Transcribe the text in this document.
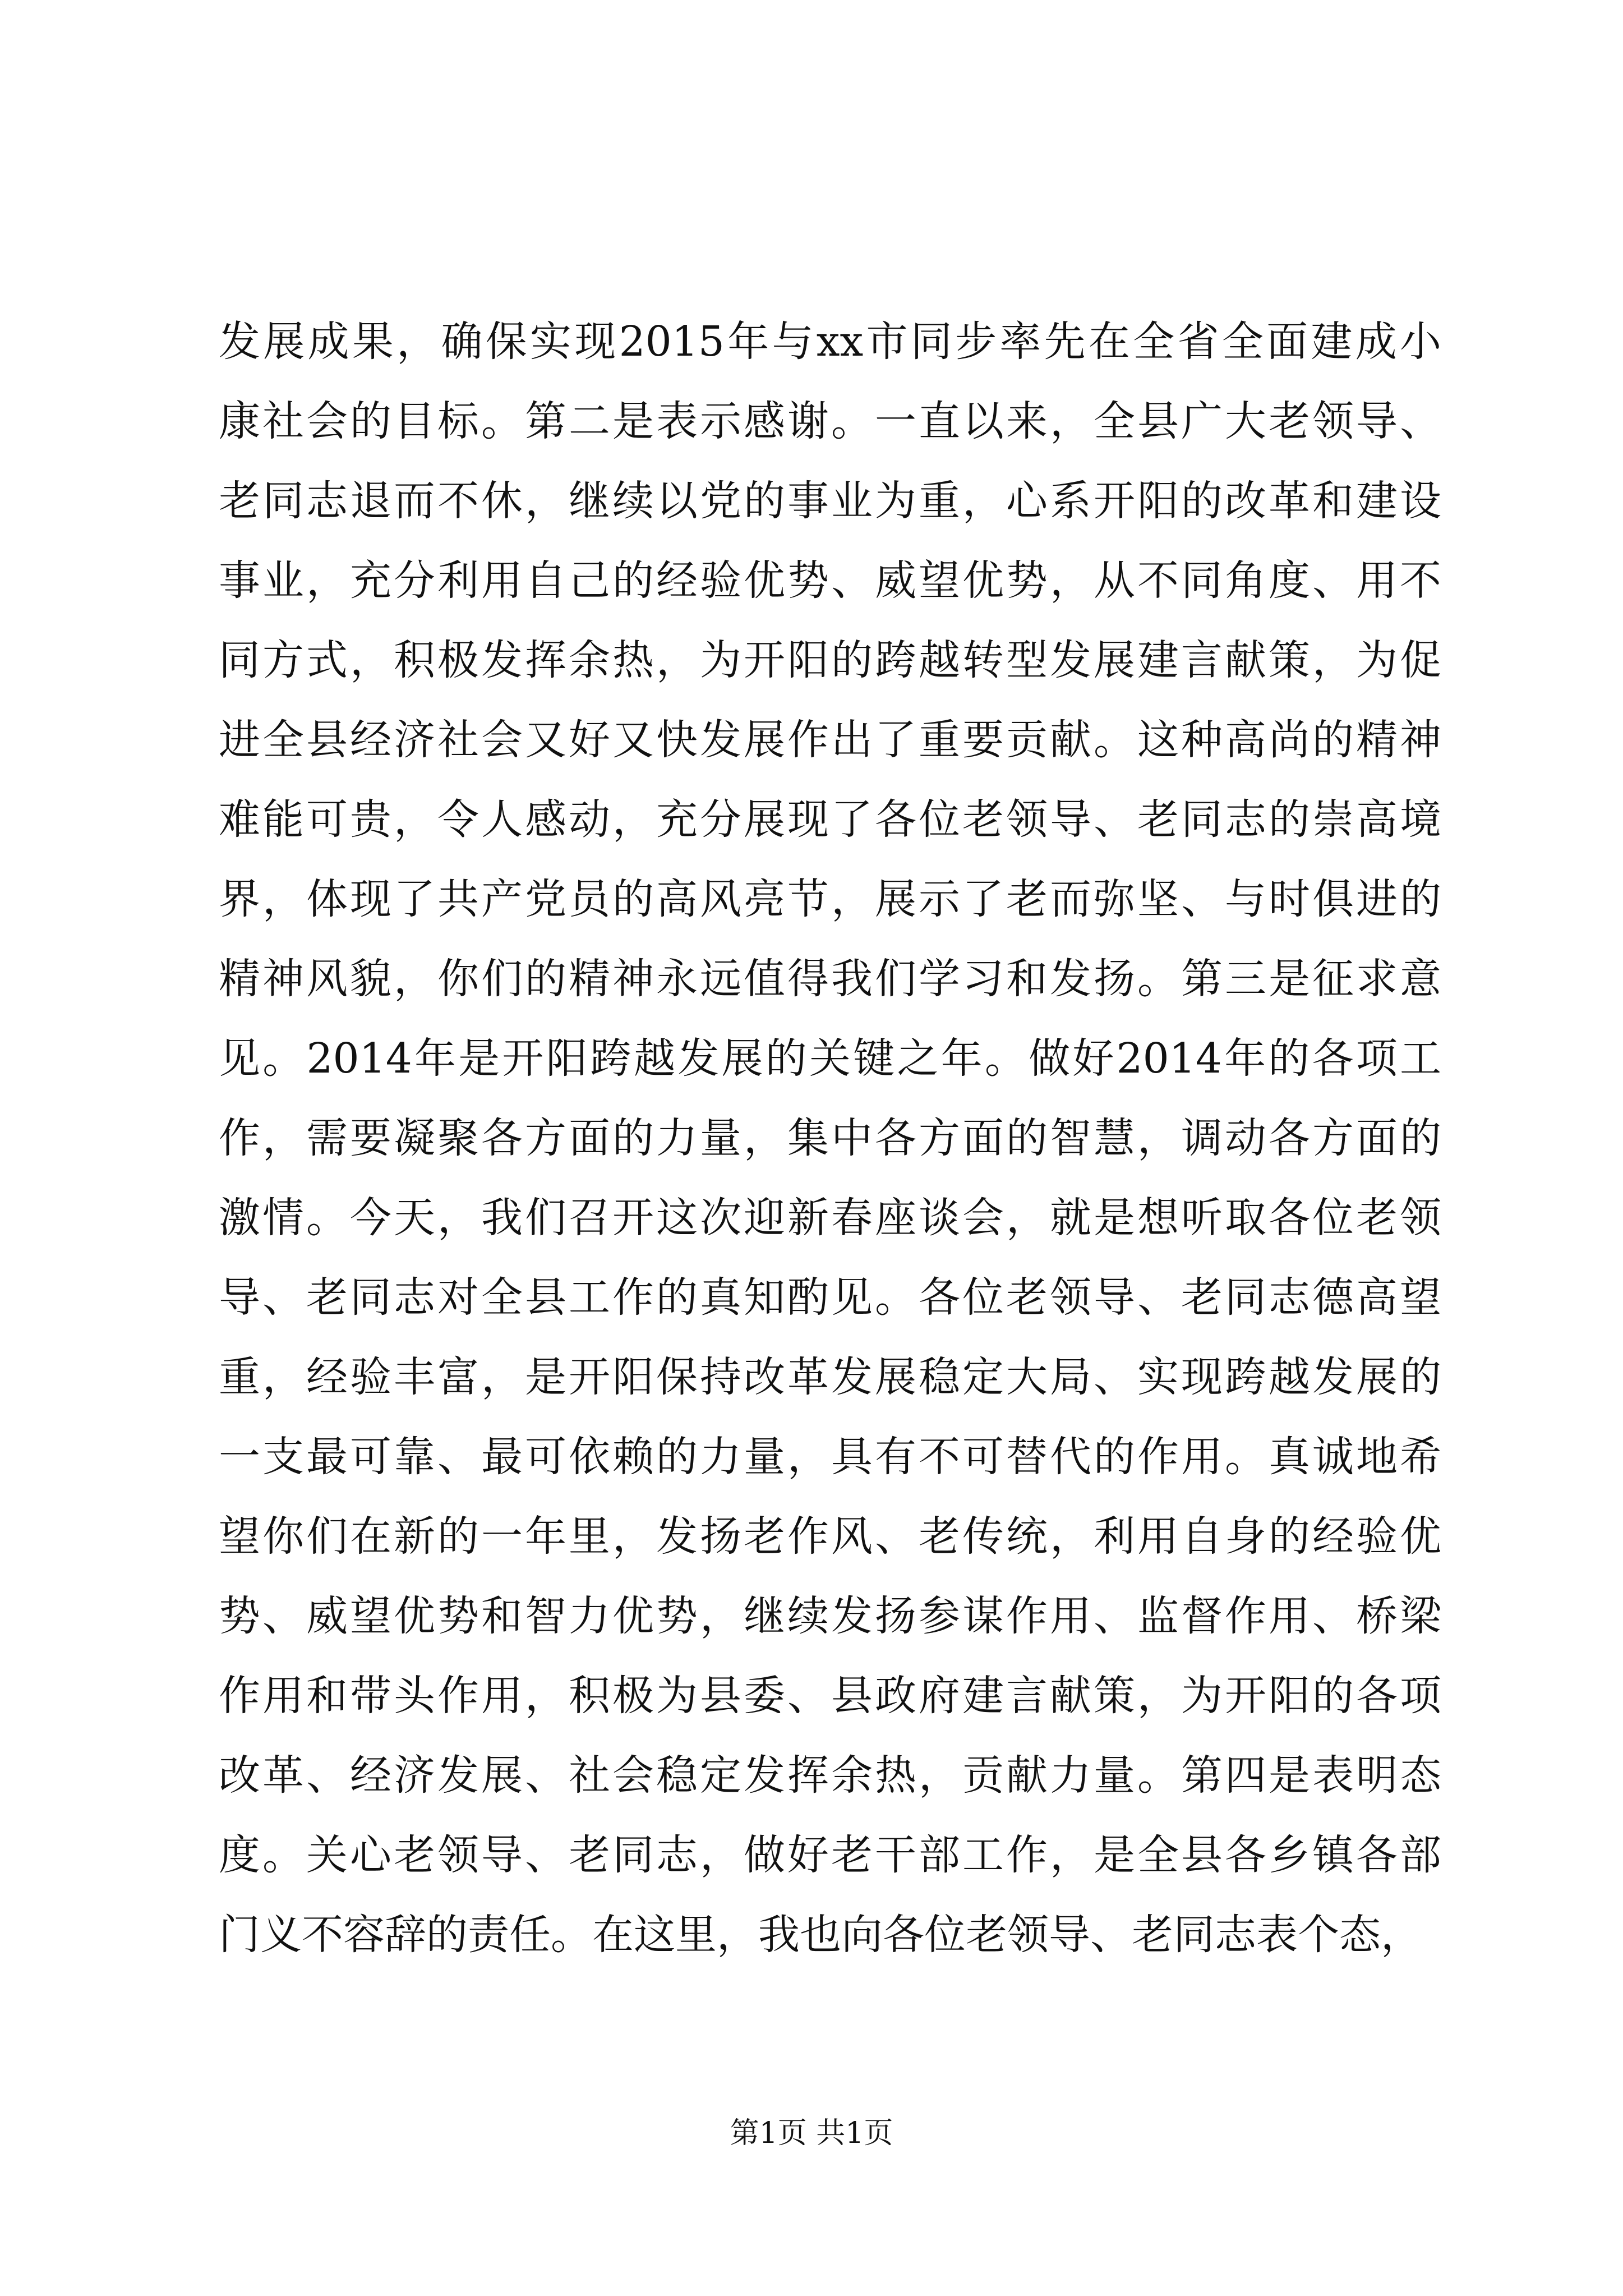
发展成果，确保实现2015年与xx市同步率先在全省全面建成小
康社会的目标。第二是表示感谢。一直以来，全县广大老领导、
老同志退而不休，继续以党的事业为重，心系开阳的改革和建设
事业，充分利用自己的经验优势、威望优势，从不同角度、用不
同方式，积极发挥余热，为开阳的跨越转型发展建言献策，为促
进全县经济社会又好又快发展作出了重要贡献。这种高尚的精神
难能可贵，令人感动，充分展现了各位老领导、老同志的崇高境
界，体现了共产党员的高风亮节，展示了老而弥坚、与时俱进的
精神风貌，你们的精神永远值得我们学习和发扬。第三是征求意
见。2014年是开阳跨越发展的关键之年。做好2014年的各项工
作，需要凝聚各方面的力量，集中各方面的智慧，调动各方面的
激情。今天，我们召开这次迎新春座谈会，就是想听取各位老领
导、老同志对全县工作的真知酌见。各位老领导、老同志德高望
重，经验丰富，是开阳保持改革发展稳定大局、实现跨越发展的
一支最可靠、最可依赖的力量，具有不可替代的作用。真诚地希
望你们在新的一年里，发扬老作风、老传统，利用自身的经验优
势、威望优势和智力优势，继续发扬参谋作用、监督作用、桥梁
作用和带头作用，积极为县委、县政府建言献策，为开阳的各项
改革、经济发展、社会稳定发挥余热，贡献力量。第四是表明态
度。关心老领导、老同志，做好老干部工作，是全县各乡镇各部
门义不容辞的责任。在这里，我也向各位老领导、老同志表个态，
第1页 共1页
